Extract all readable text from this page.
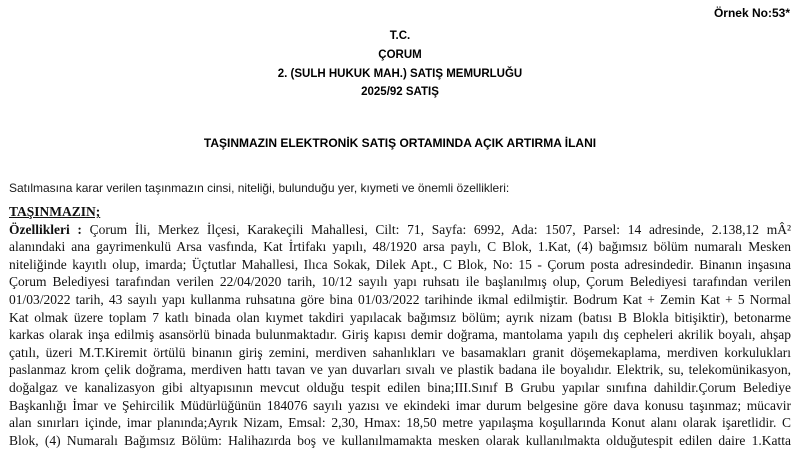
Örnek No:53*
T.C.
ÇORUM
2. (SULH HUKUK MAH.) SATIŞ MEMURLUĞU
2025/92 SATIŞ
TAŞINMAZIN ELEKTRONİK SATIŞ ORTAMINDA AÇIK ARTIRMA İLANI
Satılmasına karar verilen taşınmazın cinsi, niteliği, bulunduğu yer, kıymeti ve önemli özellikleri:
TAŞINMAZIN;
Özellikleri : Çorum İli, Merkez İlçesi, Karakeçili Mahallesi, Cilt: 71, Sayfa: 6992, Ada: 1507, Parsel: 14 adresinde, 2.138,12 mÂ²
alanındaki ana gayrimenkulü Arsa vasfında, Kat İrtifakı yapılı, 48/1920 arsa paylı, C Blok, 1.Kat, (4) bağımsız bölüm numaralı Mesken
niteliğinde kayıtlı olup, imarda; Üçtutlar Mahallesi, Ilıca Sokak, Dilek Apt., C Blok, No: 15 - Çorum posta adresindedir. Binanın inşasına
Çorum Belediyesi tarafından verilen 22/04/2020 tarih, 10/12 sayılı yapı ruhsatı ile başlanılmış olup, Çorum Belediyesi tarafından verilen
01/03/2022 tarih, 43 sayılı yapı kullanma ruhsatına göre bina 01/03/2022 tarihinde ikmal edilmiştir. Bodrum Kat + Zemin Kat + 5 Normal
Kat olmak üzere toplam 7 katlı binada olan kıymet takdiri yapılacak bağımsız bölüm; ayrık nizam (batısı B Blokla bitişiktir), betonarme
karkas olarak inşa edilmiş asansörlü binada bulunmaktadır. Giriş kapısı demir doğrama, mantolama yapılı dış cepheleri akrilik boyalı, ahşap
çatılı, üzeri M.T.Kiremit örtülü binanın giriş zemini, merdiven sahanlıkları ve basamakları granit döşemekaplama, merdiven korkulukları
paslanmaz krom çelik doğrama, merdiven hattı tavan ve yan duvarları sıvalı ve plastik badana ile boyalıdır. Elektrik, su, telekomünikasyon,
doğalgaz ve kanalizasyon gibi altyapısının mevcut olduğu tespit edilen bina;III.Sınıf B Grubu yapılar sınıfına dahildir.Çorum Belediye
Başkanlığı İmar ve Şehircilik Müdürlüğünün 184076 sayılı yazısı ve ekindeki imar durum belgesine göre dava konusu taşınmaz; mücavir
alan sınırları içinde, imar planında;Ayrık Nizam, Emsal: 2,30, Hmax: 18,50 metre yapılaşma koşullarında Konut alanı olarak işaretlidir. C
Blok, (4) Numaralı Bağımsız Bölüm: Halihazırda boş ve kullanılmamakta mesken olarak kullanılmakta olduğutespit edilen daire 1.Katta
